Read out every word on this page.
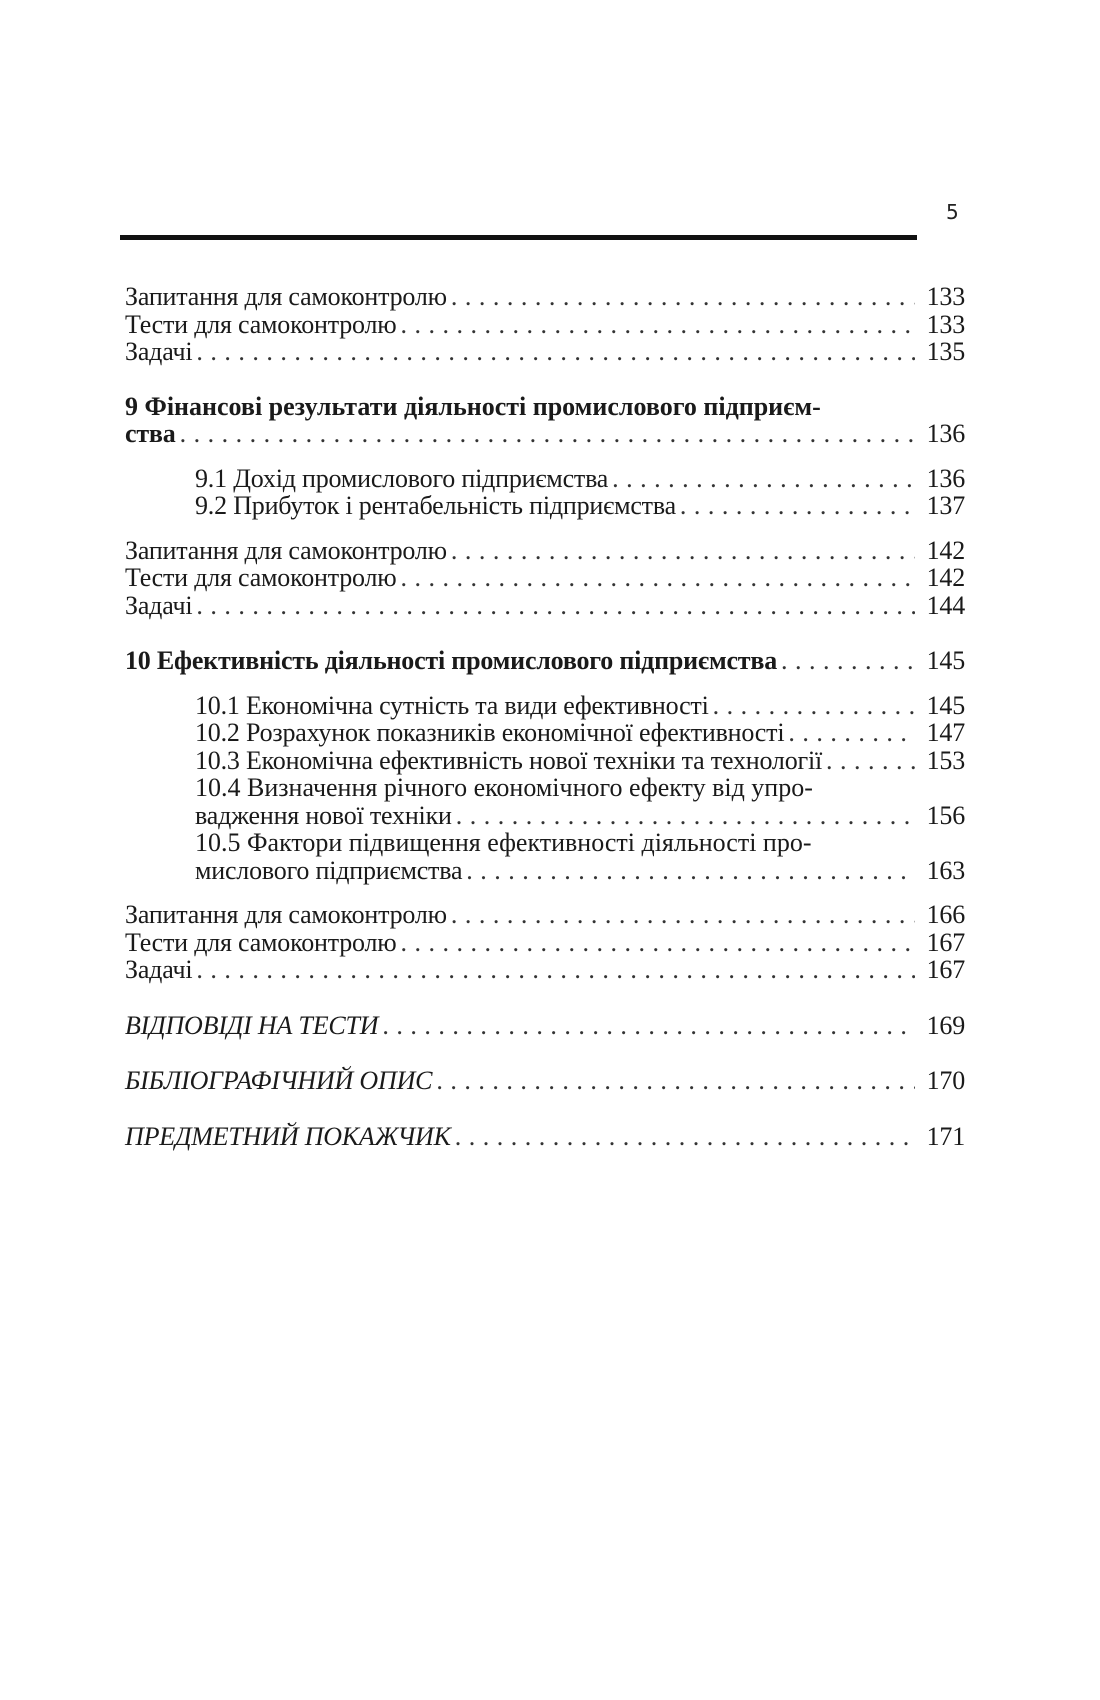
5
Запитання для самоконтролю . . .	133
Тести для самоконтролю . . .	133
Задачі . . .	135
9 Фінансові результати діяльності промислового підприєм-
ства . . .	136
9.1 Дохід промислового підприємства . . .	136
9.2 Прибуток і рентабельність підприємства . . .	137
Запитання для самоконтролю . . .	142
Тести для самоконтролю . . .	142
Задачі . . .	144
10 Ефективність діяльності промислового підприємства . . .	145
10.1 Економічна сутність та види ефективності . . .	145
10.2 Розрахунок показників економічної ефективності . . .	147
10.3 Економічна ефективність нової техніки та технології . . .	153
10.4 Визначення річного економічного ефекту від упро-
вадження нової техніки . . .	156
10.5 Фактори підвищення ефективності діяльності про-
мислового підприємства . . .	163
Запитання для самоконтролю . . .	166
Тести для самоконтролю . . .	167
Задачі . . .	167
ВІДПОВІДІ НА ТЕСТИ . . .	169
БІБЛІОГРАФІЧНИЙ ОПИС . . .	170
ПРЕДМЕТНИЙ ПОКАЖЧИК . . .	171
